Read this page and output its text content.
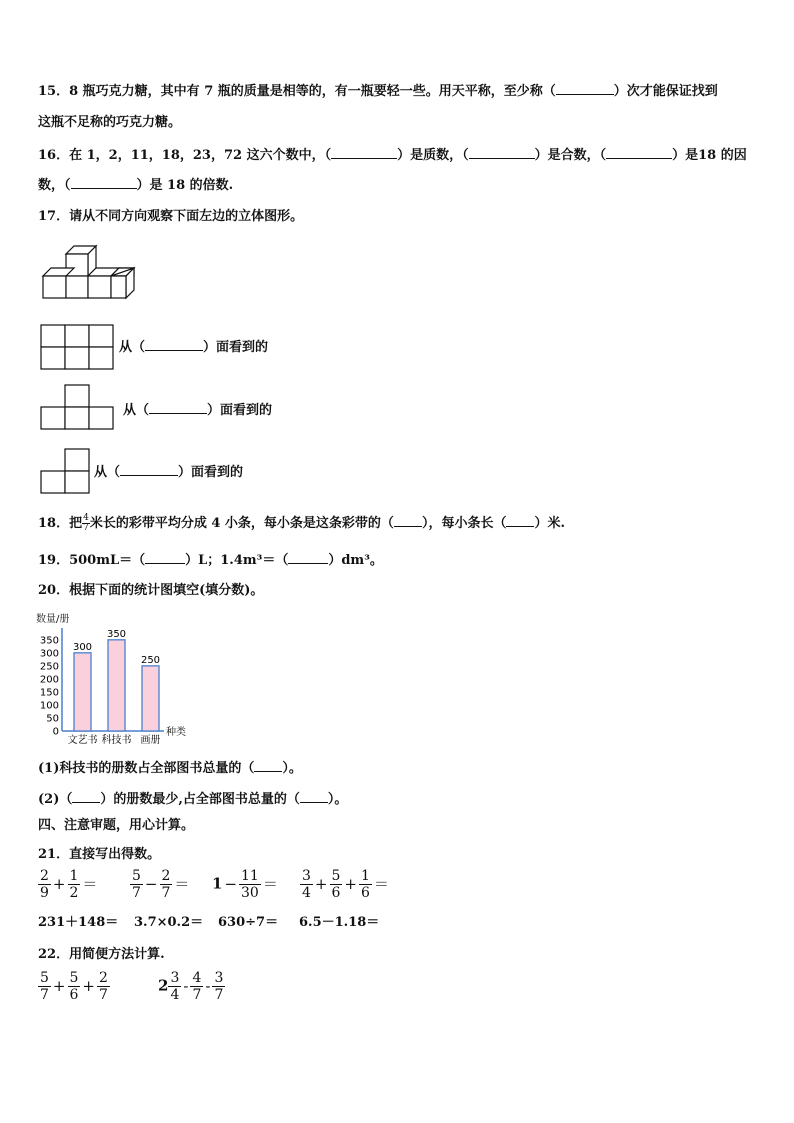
15．8 瓶巧克力糖，其中有 7 瓶的质量是相等的，有一瓶要轻一些。用天平称，至少称（	）次才能保证找到
这瓶不足称的巧克力糖。
16．在 1，2，11，18，23，72 这六个数中，（	）是质数，（	）是合数，（	）是18 的因
数，（	）是 18 的倍数.
17．请从不同方向观察下面左边的立体图形。
从（	）面看到的
从（	）面看到的
从（	）面看到的
18．把 $\frac{4}{7}$ 米长的彩带平均分成 4 小条，每小条是这条彩带的（ ），每小条长（ ）米.
19．500mL＝（	）L；1.4m³＝（	）dm³。
20．根据下面的统计图填空(填分数)。
数量/册
0
50
100
150
200
250
300
350
300
文艺书
350
科技书
250
画册
种类
(1)科技书的册数占全部图书总量的（ ）。
(2)（ ）的册数最少,占全部图书总量的（ ）。
四、注意审题，用心计算。
21．直接写出得数。
$\frac{2}{9} + \frac{1}{2} = \frac{5}{7} - \frac{2}{7} = 1 - \frac{11}{30} = \frac{3}{4} + \frac{5}{6} + \frac{1}{6}$ ＝
231＋148＝ 3.7×0.2＝ 630÷7＝ 6.5－1.18＝
22．用简便方法计算.
$\frac{5}{7} + \frac{5}{6} + \frac{2}{7}$	$2 \frac{3}{4} - \frac{4}{7} - \frac{3}{7}$
